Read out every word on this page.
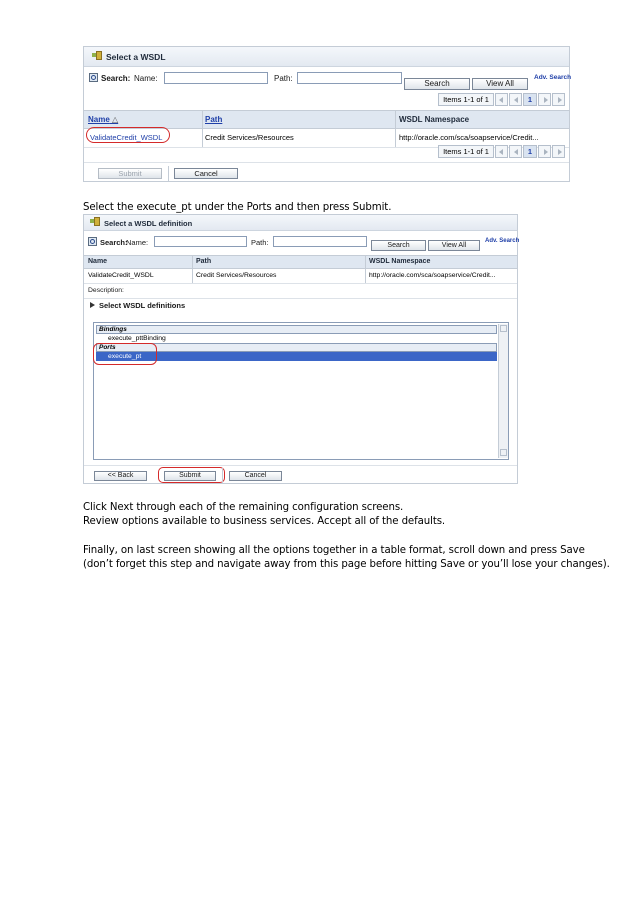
Select a WSDL
Search: Name:	Path:
Search	View All
Adv. Search
Items 1-1 of 1	1
Name △	Path	WSDL Namespace
ValidateCredit_WSDL	Credit Services/Resources	http://oracle.com/sca/soapservice/Credit...
Items 1-1 of 1	1
Submit	Cancel
Select the execute_pt under the Ports and then press Submit.
Select a WSDL definition
Search:
Name:	Path:	Search	View All
Adv. Search
Name	Path	WSDL Namespace
ValidateCredit_WSDL	Credit Services/Resources	http://oracle.com/sca/soapservice/Credit...
Description:
Select WSDL definitions
Bindings
execute_pttBinding
Ports
execute_pt
<< Back	Submit	Cancel
Click Next through each of the remaining configuration screens.
Review options available to business services. Accept all of the defaults.
Finally, on last screen showing all the options together in a table format, scroll down and press Save
(don’t forget this step and navigate away from this page before hitting Save or you’ll lose your changes).
